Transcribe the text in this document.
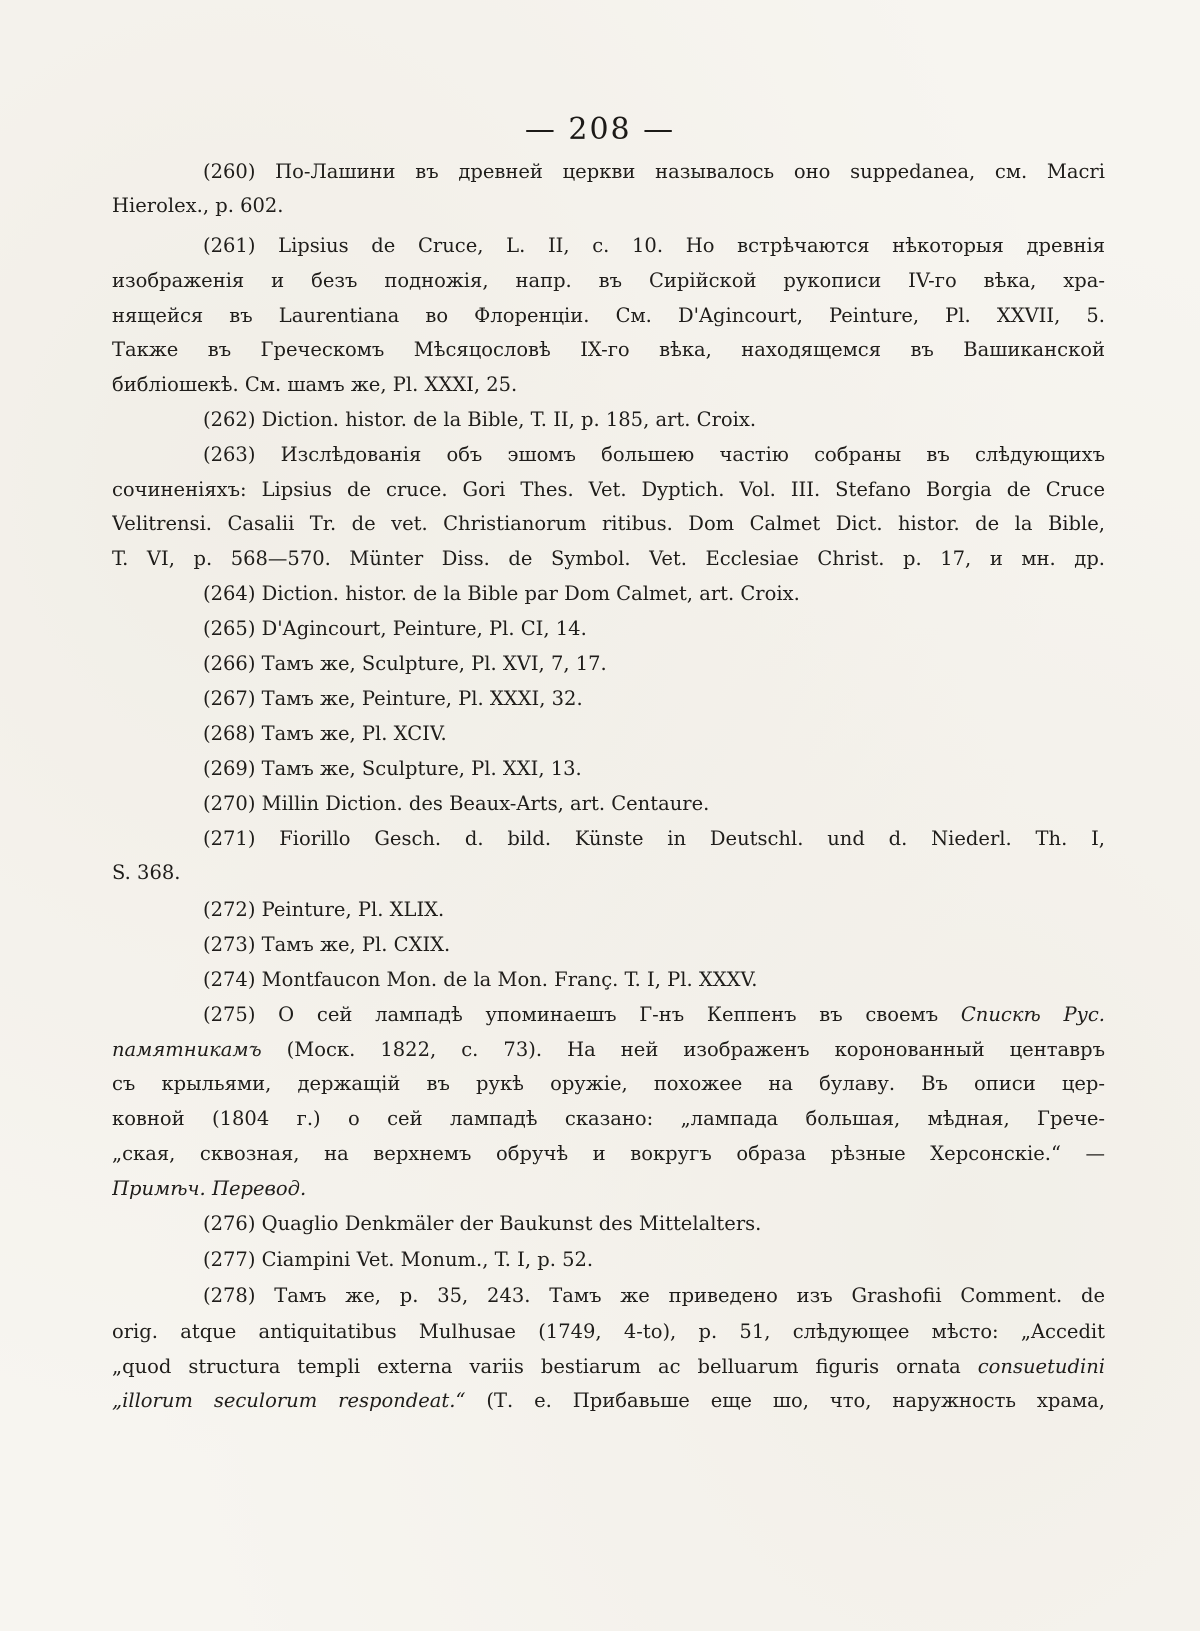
— 208 —
(260) По-Лашини въ древней церкви называлось оно suppedanea, см. Macri
Hierolex., p. 602.
(261) Lipsius de Cruce, L. II, c. 10. Но встрѣчаются нѣкоторыя древнія
изображенія и безъ подножія, напр. въ Сирійской рукописи IV-го вѣка, хра-
нящейся въ Laurentiana во Флоренціи. См. D'Agincourt, Peinture, Pl. XXVII, 5.
Также въ Греческомъ Мѣсяцословѣ IX-го вѣка, находящемся въ Вашиканской
библіошекѣ. См. шамъ же, Pl. XXXI, 25.
(262) Diction. histor. de la Bible, T. II, p. 185, art. Croix.
(263) Изслѣдованія объ эшомъ большею частію собраны въ слѣдующихъ
сочиненіяхъ: Lipsius de cruce. Gori Thes. Vet. Dyptich. Vol. III. Stefano Borgia de Cruce
Velitrensi. Casalii Tr. de vet. Christianorum ritibus. Dom Calmet Dict. histor. de la Bible,
T. VI, p. 568—570. Münter Diss. de Symbol. Vet. Ecclesiae Christ. p. 17, и мн. др.
(264) Diction. histor. de la Bible par Dom Calmet, art. Croix.
(265) D'Agincourt, Peinture, Pl. CI, 14.
(266) Тамъ же, Sculpture, Pl. XVI, 7, 17.
(267) Тамъ же, Peinture, Pl. XXXI, 32.
(268) Тамъ же, Pl. XCIV.
(269) Тамъ же, Sculpture, Pl. XXI, 13.
(270) Millin Diction. des Beaux-Arts, art. Centaure.
(271) Fiorillo Gesch. d. bild. Künste in Deutschl. und d. Niederl. Th. I,
S. 368.
(272) Peinture, Pl. XLIX.
(273) Тамъ же, Pl. CXIX.
(274) Montfaucon Mon. de la Mon. Franç. T. I, Pl. XXXV.
(275) О сей лампадѣ упоминаешъ Г-нъ Кеппенъ въ своемъ Спискѣ Рус.
памятникамъ (Моск. 1822, с. 73). На ней изображенъ коронованный центавръ
съ крыльями, держащій въ рукѣ оружіе, похожее на булаву. Въ описи цер-
ковной (1804 г.) о сей лампадѣ сказано: „лампада большая, мѣдная, Грече-
„ская, сквозная, на верхнемъ обручѣ и вокругъ образа рѣзные Херсонскіе.“ —
Примѣч. Перевод.
(276) Quaglio Denkmäler der Baukunst des Mittelalters.
(277) Ciampini Vet. Monum., T. I, p. 52.
(278) Тамъ же, p. 35, 243. Тамъ же приведено изъ Grashofii Comment. de
orig. atque antiquitatibus Mulhusae (1749, 4-to), p. 51, слѣдующее мѣсто: „Accedit
„quod structura templi externa variis bestiarum ac belluarum figuris ornata consuetudini
„illorum seculorum respondeat.“ (Т. е. Прибавьше еще шо, что, наружность храма,
